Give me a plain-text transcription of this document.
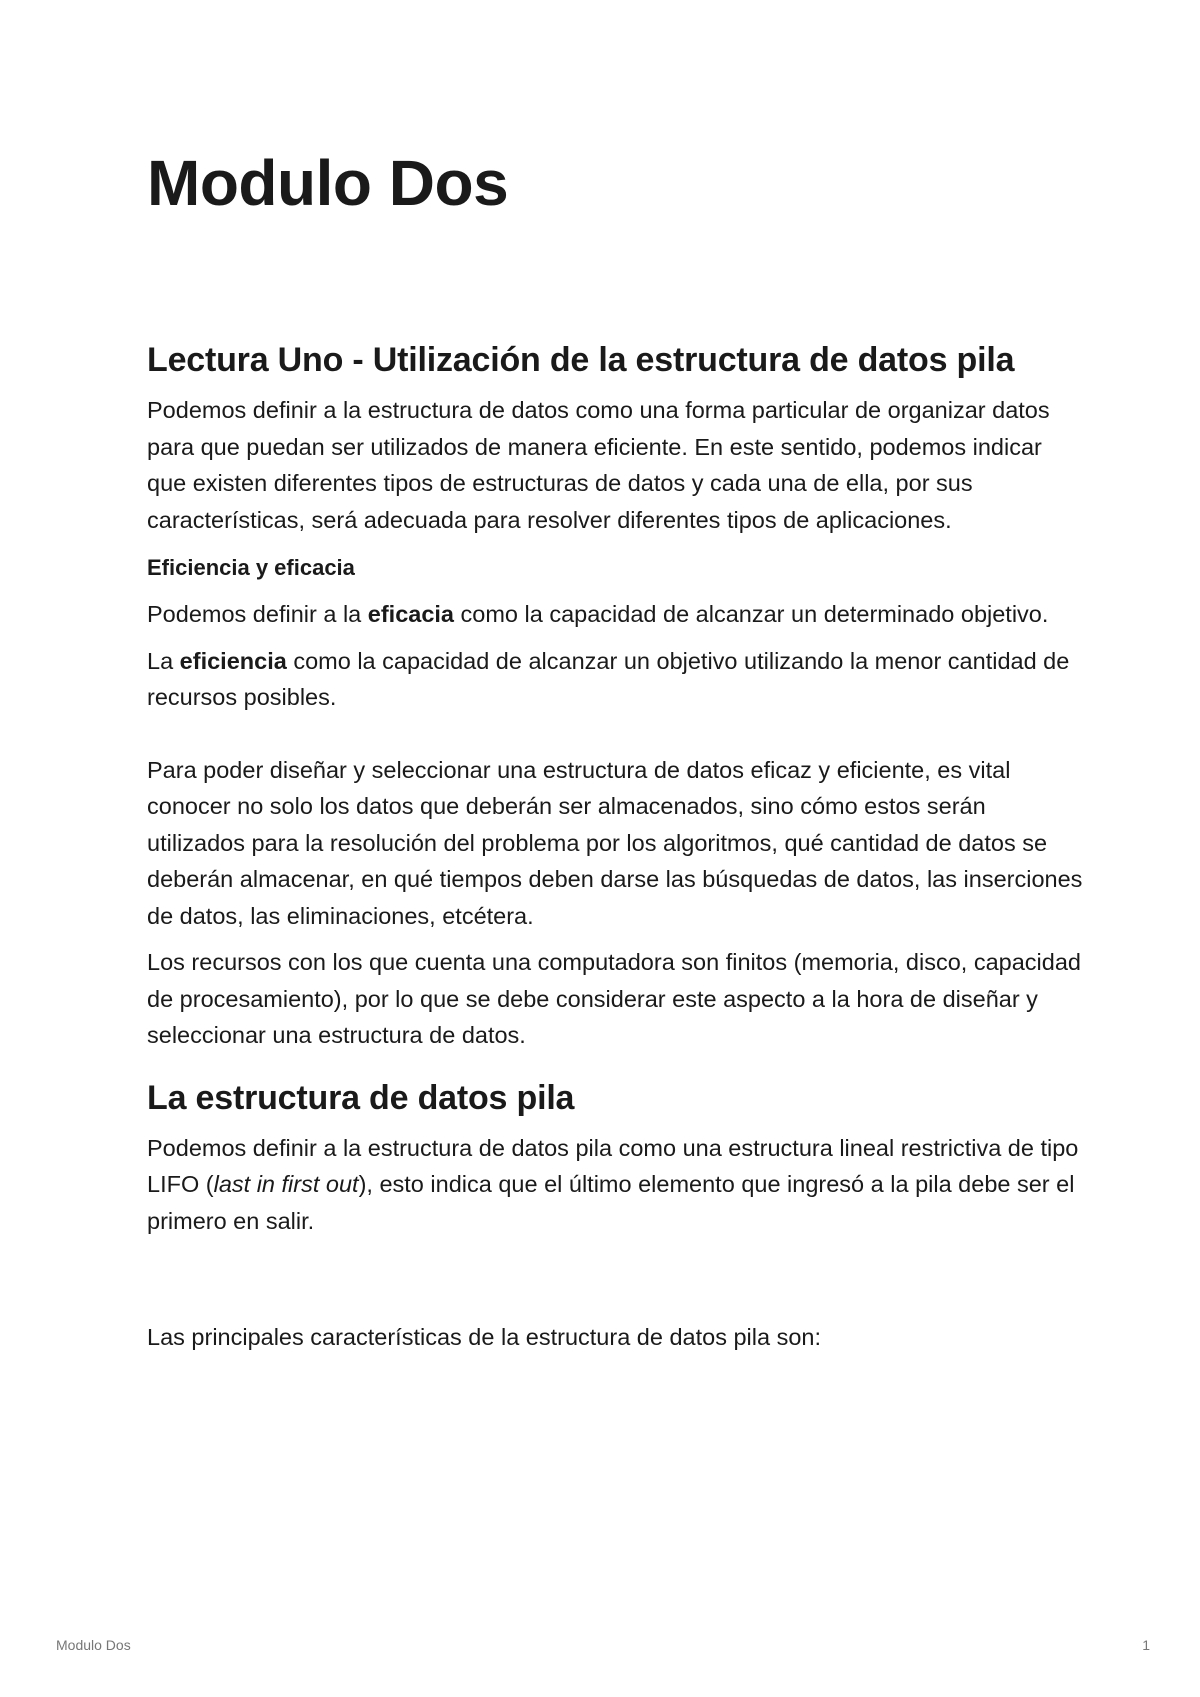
Modulo Dos
Lectura Uno - Utilización de la estructura de datos pila

Podemos definir a la estructura de datos como una forma particular de organizar datos para que puedan ser utilizados de manera eficiente. En este sentido, podemos indicar que existen diferentes tipos de estructuras de datos y cada una de ella, por sus características, será adecuada para resolver diferentes tipos de aplicaciones.

Eficiencia y eficacia

Podemos definir a la eficacia como la capacidad de alcanzar un determinado objetivo.

La eficiencia como la capacidad de alcanzar un objetivo utilizando la menor cantidad de recursos posibles.

Para poder diseñar y seleccionar una estructura de datos eficaz y eficiente, es vital conocer no solo los datos que deberán ser almacenados, sino cómo estos serán utilizados para la resolución del problema por los algoritmos, qué cantidad de datos se deberán almacenar, en qué tiempos deben darse las búsquedas de datos, las inserciones de datos, las eliminaciones, etcétera.

Los recursos con los que cuenta una computadora son finitos (memoria, disco, capacidad de procesamiento), por lo que se debe considerar este aspecto a la hora de diseñar y seleccionar una estructura de datos.

La estructura de datos pila

Podemos definir a la estructura de datos pila como una estructura lineal restrictiva de tipo LIFO (last in first out), esto indica que el último elemento que ingresó a la pila debe ser el primero en salir.

Las principales características de la estructura de datos pila son:

Modulo Dos	1
